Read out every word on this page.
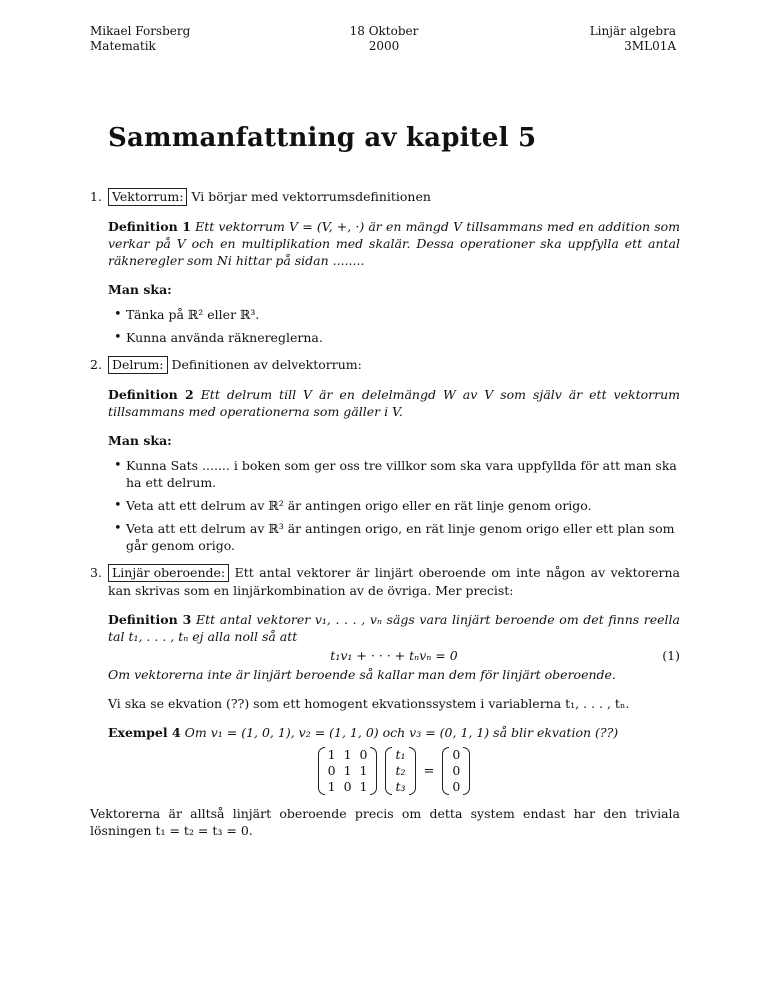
Mikael Forsberg
Matematik
18 Oktober
2000
Linjär algebra
3ML01A
Sammanfattning av kapitel 5
1. Vektorrum: Vi börjar med vektorrumsdefinitionen
Definition 1 Ett vektorrum V = (V, +, ·) är en mängd V tillsammans med en addition som verkar på V och en multiplikation med skalär. Dessa operationer ska uppfylla ett antal räkneregler som Ni hittar på sidan ........
Man ska:
• Tänka på ℝ² eller ℝ³.
• Kunna använda räknereglerna.
2. Delrum: Definitionen av delvektorrum:
Definition 2 Ett delrum till V är en delelmängd W av V som själv är ett vektorrum tillsammans med operationerna som gäller i V.
Man ska:
• Kunna Sats ....... i boken som ger oss tre villkor som ska vara uppfyllda för att man ska ha ett delrum.
• Veta att ett delrum av ℝ² är antingen origo eller en rät linje genom origo.
• Veta att ett delrum av ℝ³ är antingen origo, en rät linje genom origo eller ett plan som går genom origo.
3. Linjär oberoende: Ett antal vektorer är linjärt oberoende om inte någon av vektorerna kan skrivas som en linjärkombination av de övriga. Mer precist:
Definition 3 Ett antal vektorer v₁, . . . , vₙ sägs vara linjärt beroende om det finns reella tal t₁, . . . , tₙ ej alla noll så att
t₁v₁ + · · · + tₙvₙ = 0	(1)
Om vektorerna inte är linjärt beroende så kallar man dem för linjärt oberoende.
Vi ska se ekvation (??) som ett homogent ekvationssystem i variablerna t₁, . . . , tₙ.
Exempel 4 Om v₁ = (1, 0, 1), v₂ = (1, 1, 0) och v₃ = (0, 1, 1) så blir ekvation (??)
1	1	0
0	1	1
1	0	1
t₁
t₂
t₃
=
0
0
0
Vektorerna är alltså linjärt oberoende precis om detta system endast har den triviala lösningen t₁ = t₂ = t₃ = 0.
